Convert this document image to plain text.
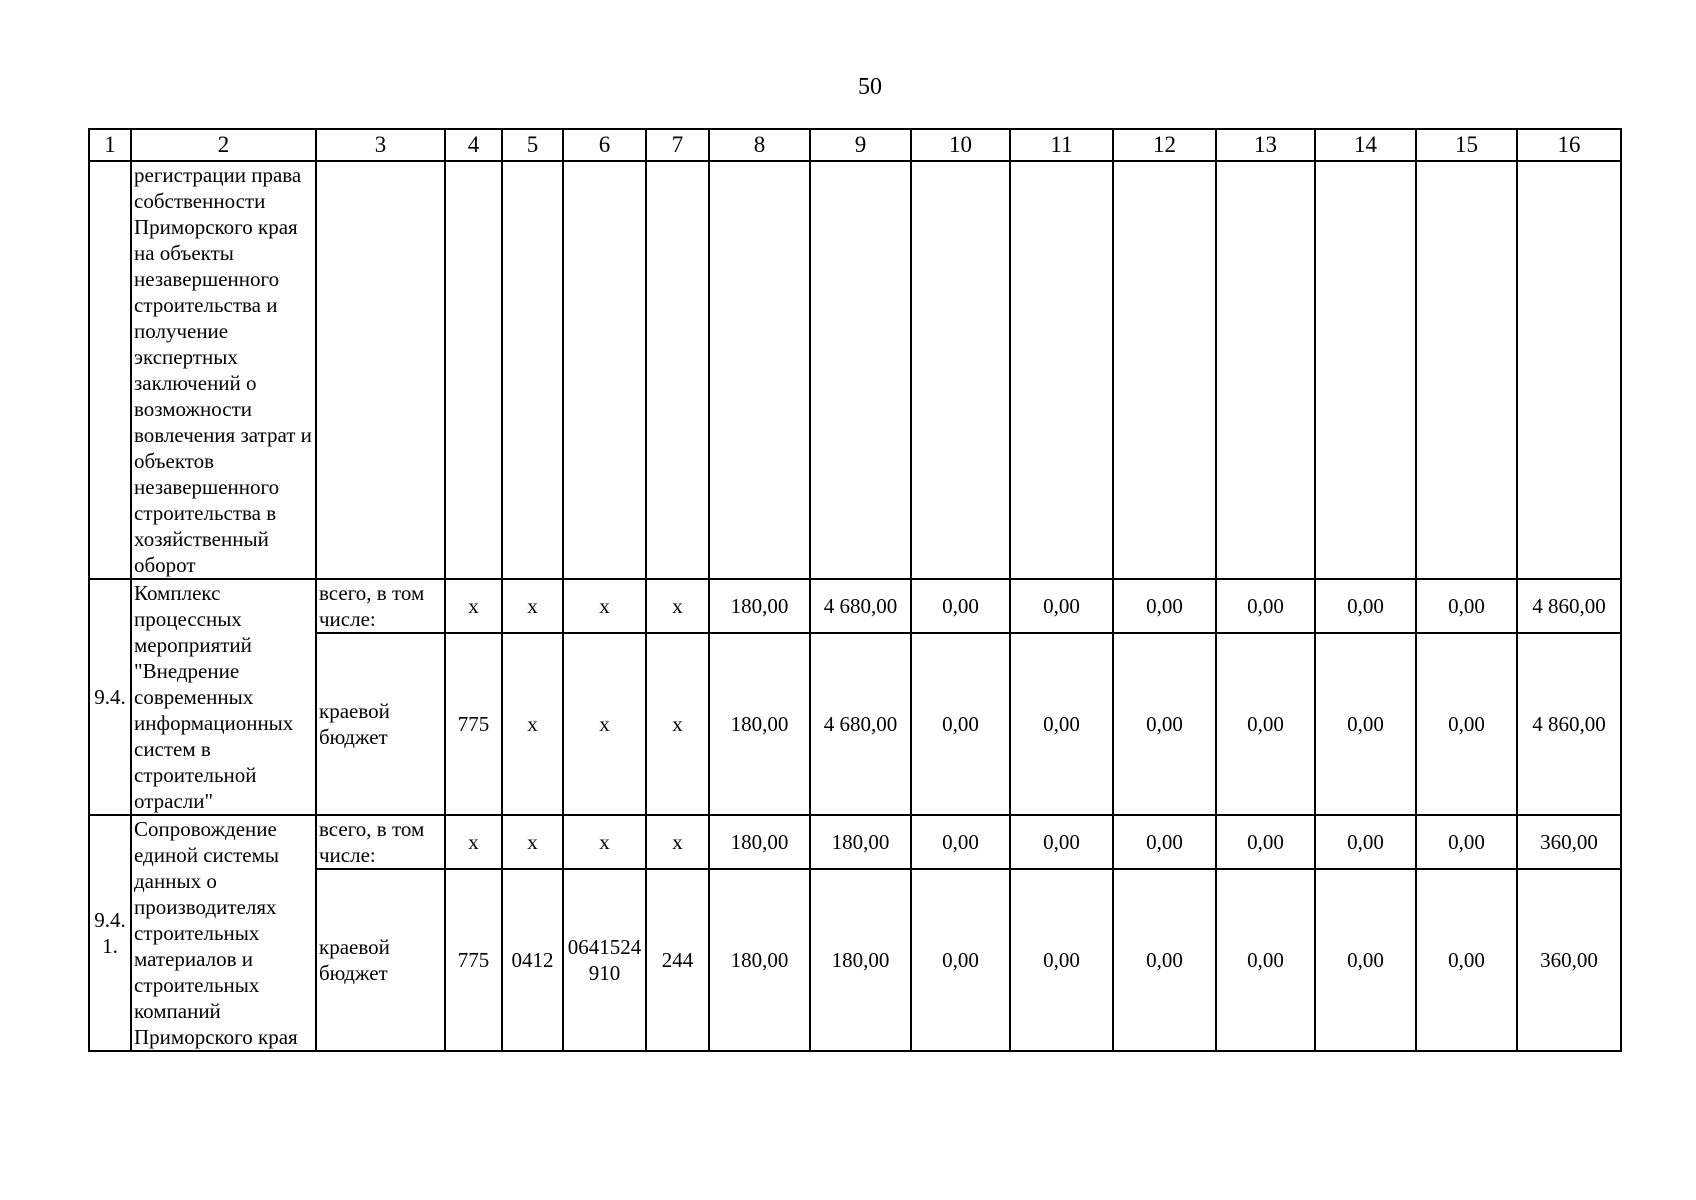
50
1	2	3	4	5	6	7	8	9	10	11	12	13	14	15	16
	регистрации права собственности Приморского края на объекты незавершенного строительства и получение экспертных заключений о возможности вовлечения затрат и объектов незавершенного строительства в хозяйственный оборот														
9.4.	Комплекс процессных мероприятий "Внедрение современных информационных систем в строительной отрасли"	всего, в том числе:	x	x	x	x	180,00	4 680,00	0,00	0,00	0,00	0,00	0,00	0,00	4 860,00
		краевой бюджет	775	x	x	x	180,00	4 680,00	0,00	0,00	0,00	0,00	0,00	0,00	4 860,00
9.4. 1.	Сопровождение единой системы данных о производителях строительных материалов и строительных компаний Приморского края	всего, в том числе:	x	x	x	x	180,00	180,00	0,00	0,00	0,00	0,00	0,00	0,00	360,00
		краевой бюджет	775	0412	0641524 910	244	180,00	180,00	0,00	0,00	0,00	0,00	0,00	0,00	360,00
